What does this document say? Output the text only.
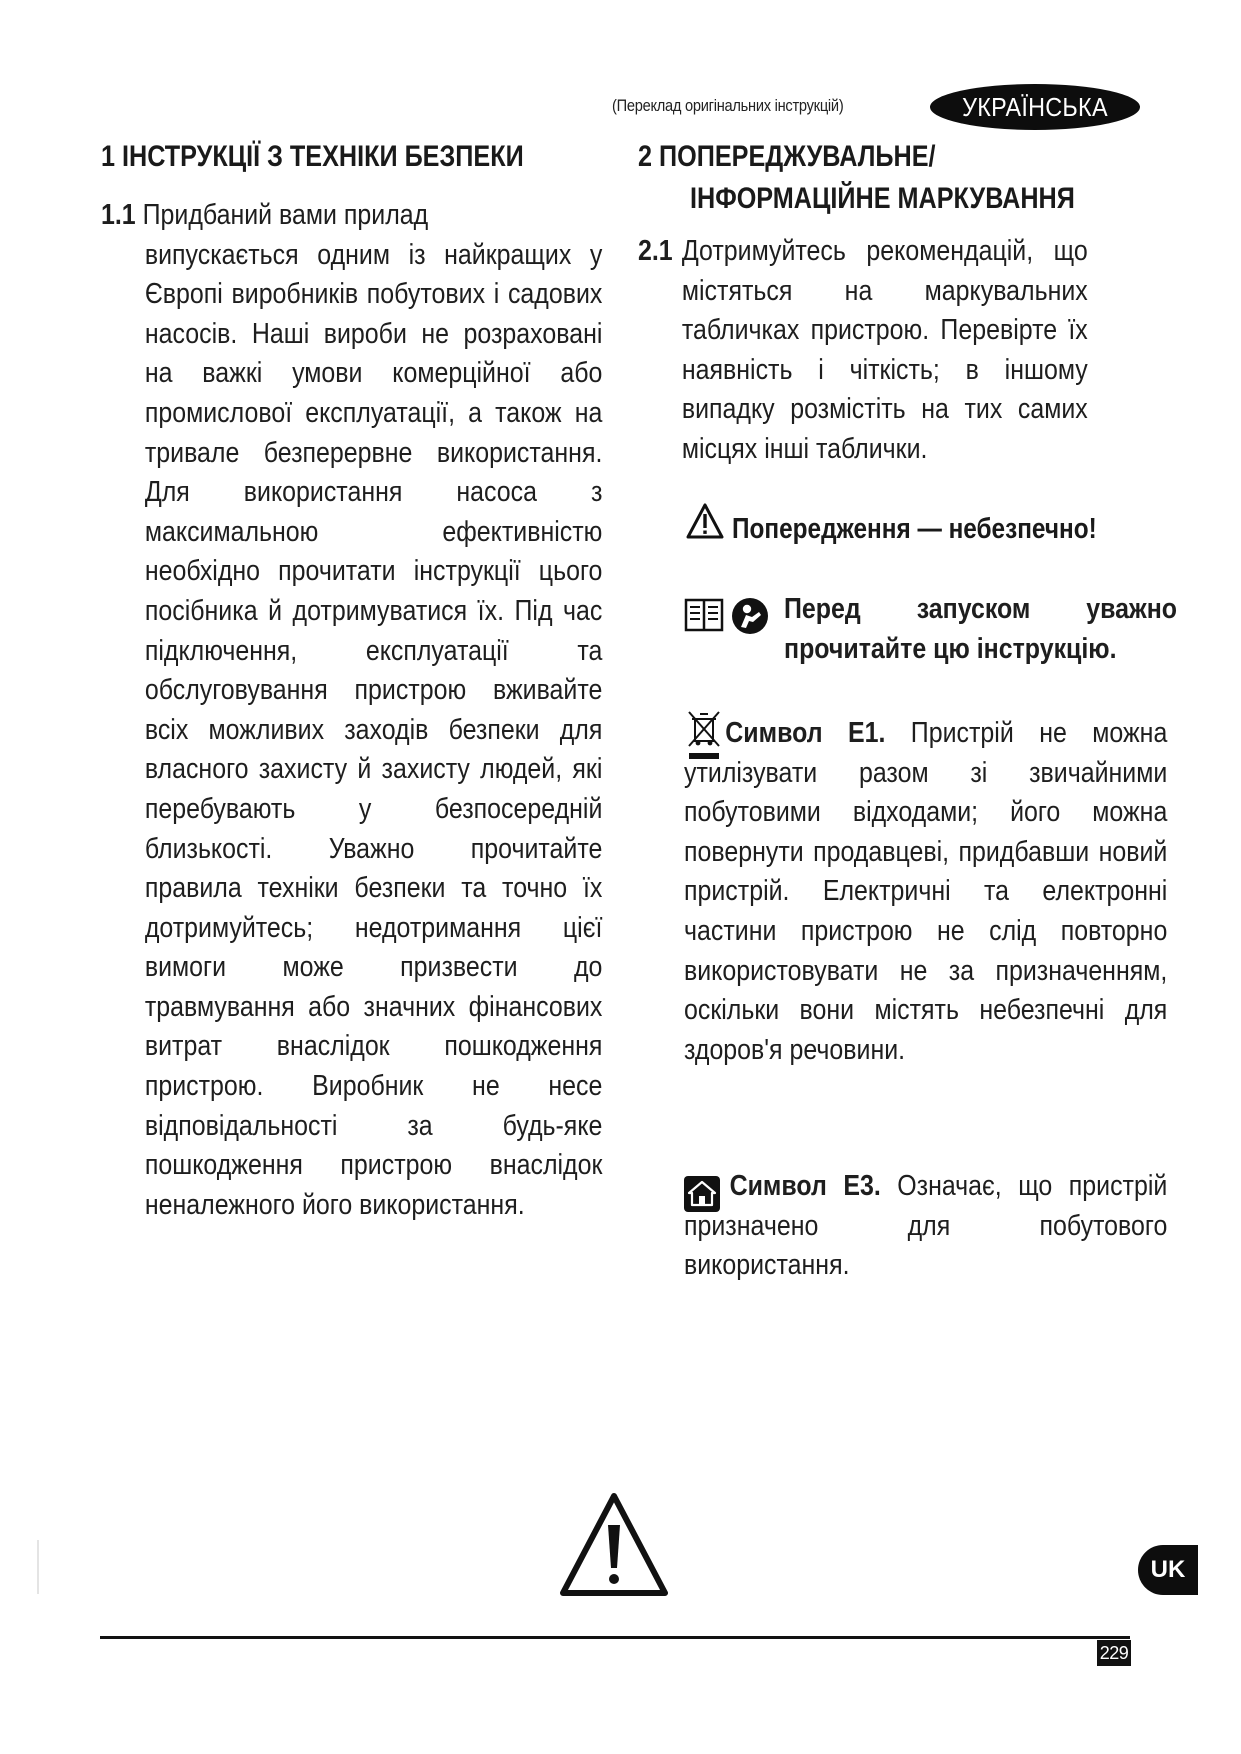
(Переклад оригінальних інструкцій)	УКРАЇНСЬКА
1 ІНСТРУКЦІЇ З ТЕХНІКИ БЕЗПЕКИ
1.1 Придбаний вами прилад
випускається одним із найкращих у Європі виробників побутових і садових насосів. Наші вироби не розраховані на важкі умови комерційної або промислової експлуатації, а також на тривале безперервне використання. Для використання насоса з максимальною ефективністю необхідно прочитати інструкції цього посібника й дотримуватися їх. Під час підключення, експлуатації та обслуговування пристрою вживайте всіх можливих заходів безпеки для власного захисту й захисту людей, які перебувають у безпосередній близькості. Уважно прочитайте правила техніки безпеки та точно їх дотримуйтесь; недотримання цієї вимоги може призвести до травмування або значних фінансових витрат внаслідок пошкодження пристрою. Виробник не несе відповідальності за будь-яке пошкодження пристрою внаслідок неналежного його використання.
2 ПОПЕРЕДЖУВАЛЬНЕ/
ІНФОРМАЦІЙНЕ МАРКУВАННЯ
2.1 Дотримуйтесь рекомендацій, що містяться на маркувальних табличках пристрою. Перевірте їх наявність і чіткість; в іншому випадку розмістіть на тих самих місцях інші таблички.
Попередження — небезпечно!
Перед запуском уважно прочитайте цю інструкцію.
Символ Е1. Пристрій не можна утилізувати разом зі звичайними побутовими відходами; його можна повернути продавцеві, придбавши новий пристрій. Електричні та електронні частини пристрою не слід повторно використовувати не за призначенням, оскільки вони містять небезпечні для здоров'я речовини.
Символ Е3. Означає, що пристрій призначено для побутового використання.
UK
229
